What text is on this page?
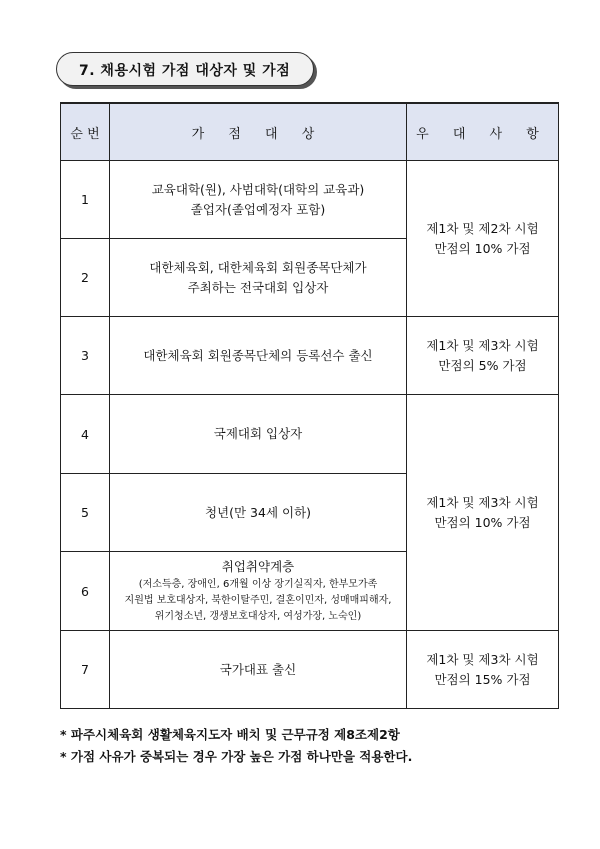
7. 채용시험 가점 대상자 및 가점
순 번	가 점 대 상	우 대 사 항
1	교육대학(원), 사범대학(대학의 교육과)
졸업자(졸업예정자 포함)	제1차 및 제2차 시험
만점의 10% 가점

2	대한체육회, 대한체육회 회원종목단체가
주최하는 전국대회 입상자	

3	대한체육회 회원종목단체의 등록선수 출신	제1차 및 제3차 시험
만점의 5% 가점

4	국제대회 입상자	제1차 및 제3차 시험
만점의 10% 가점

5	청년(만 34세 이하)	

6	취업취약계층
(저소득층, 장애인, 6개월 이상 장기실직자, 한부모가족
지원법 보호대상자, 북한이탈주민, 결혼이민자, 성매매피해자,
위기청소년, 갱생보호대상자, 여성가장, 노숙인)	

7	국가대표 출신	제1차 및 제3차 시험
만점의 15% 가점
* 파주시체육회 생활체육지도자 배치 및 근무규정 제8조제2항
* 가점 사유가 중복되는 경우 가장 높은 가점 하나만을 적용한다.
